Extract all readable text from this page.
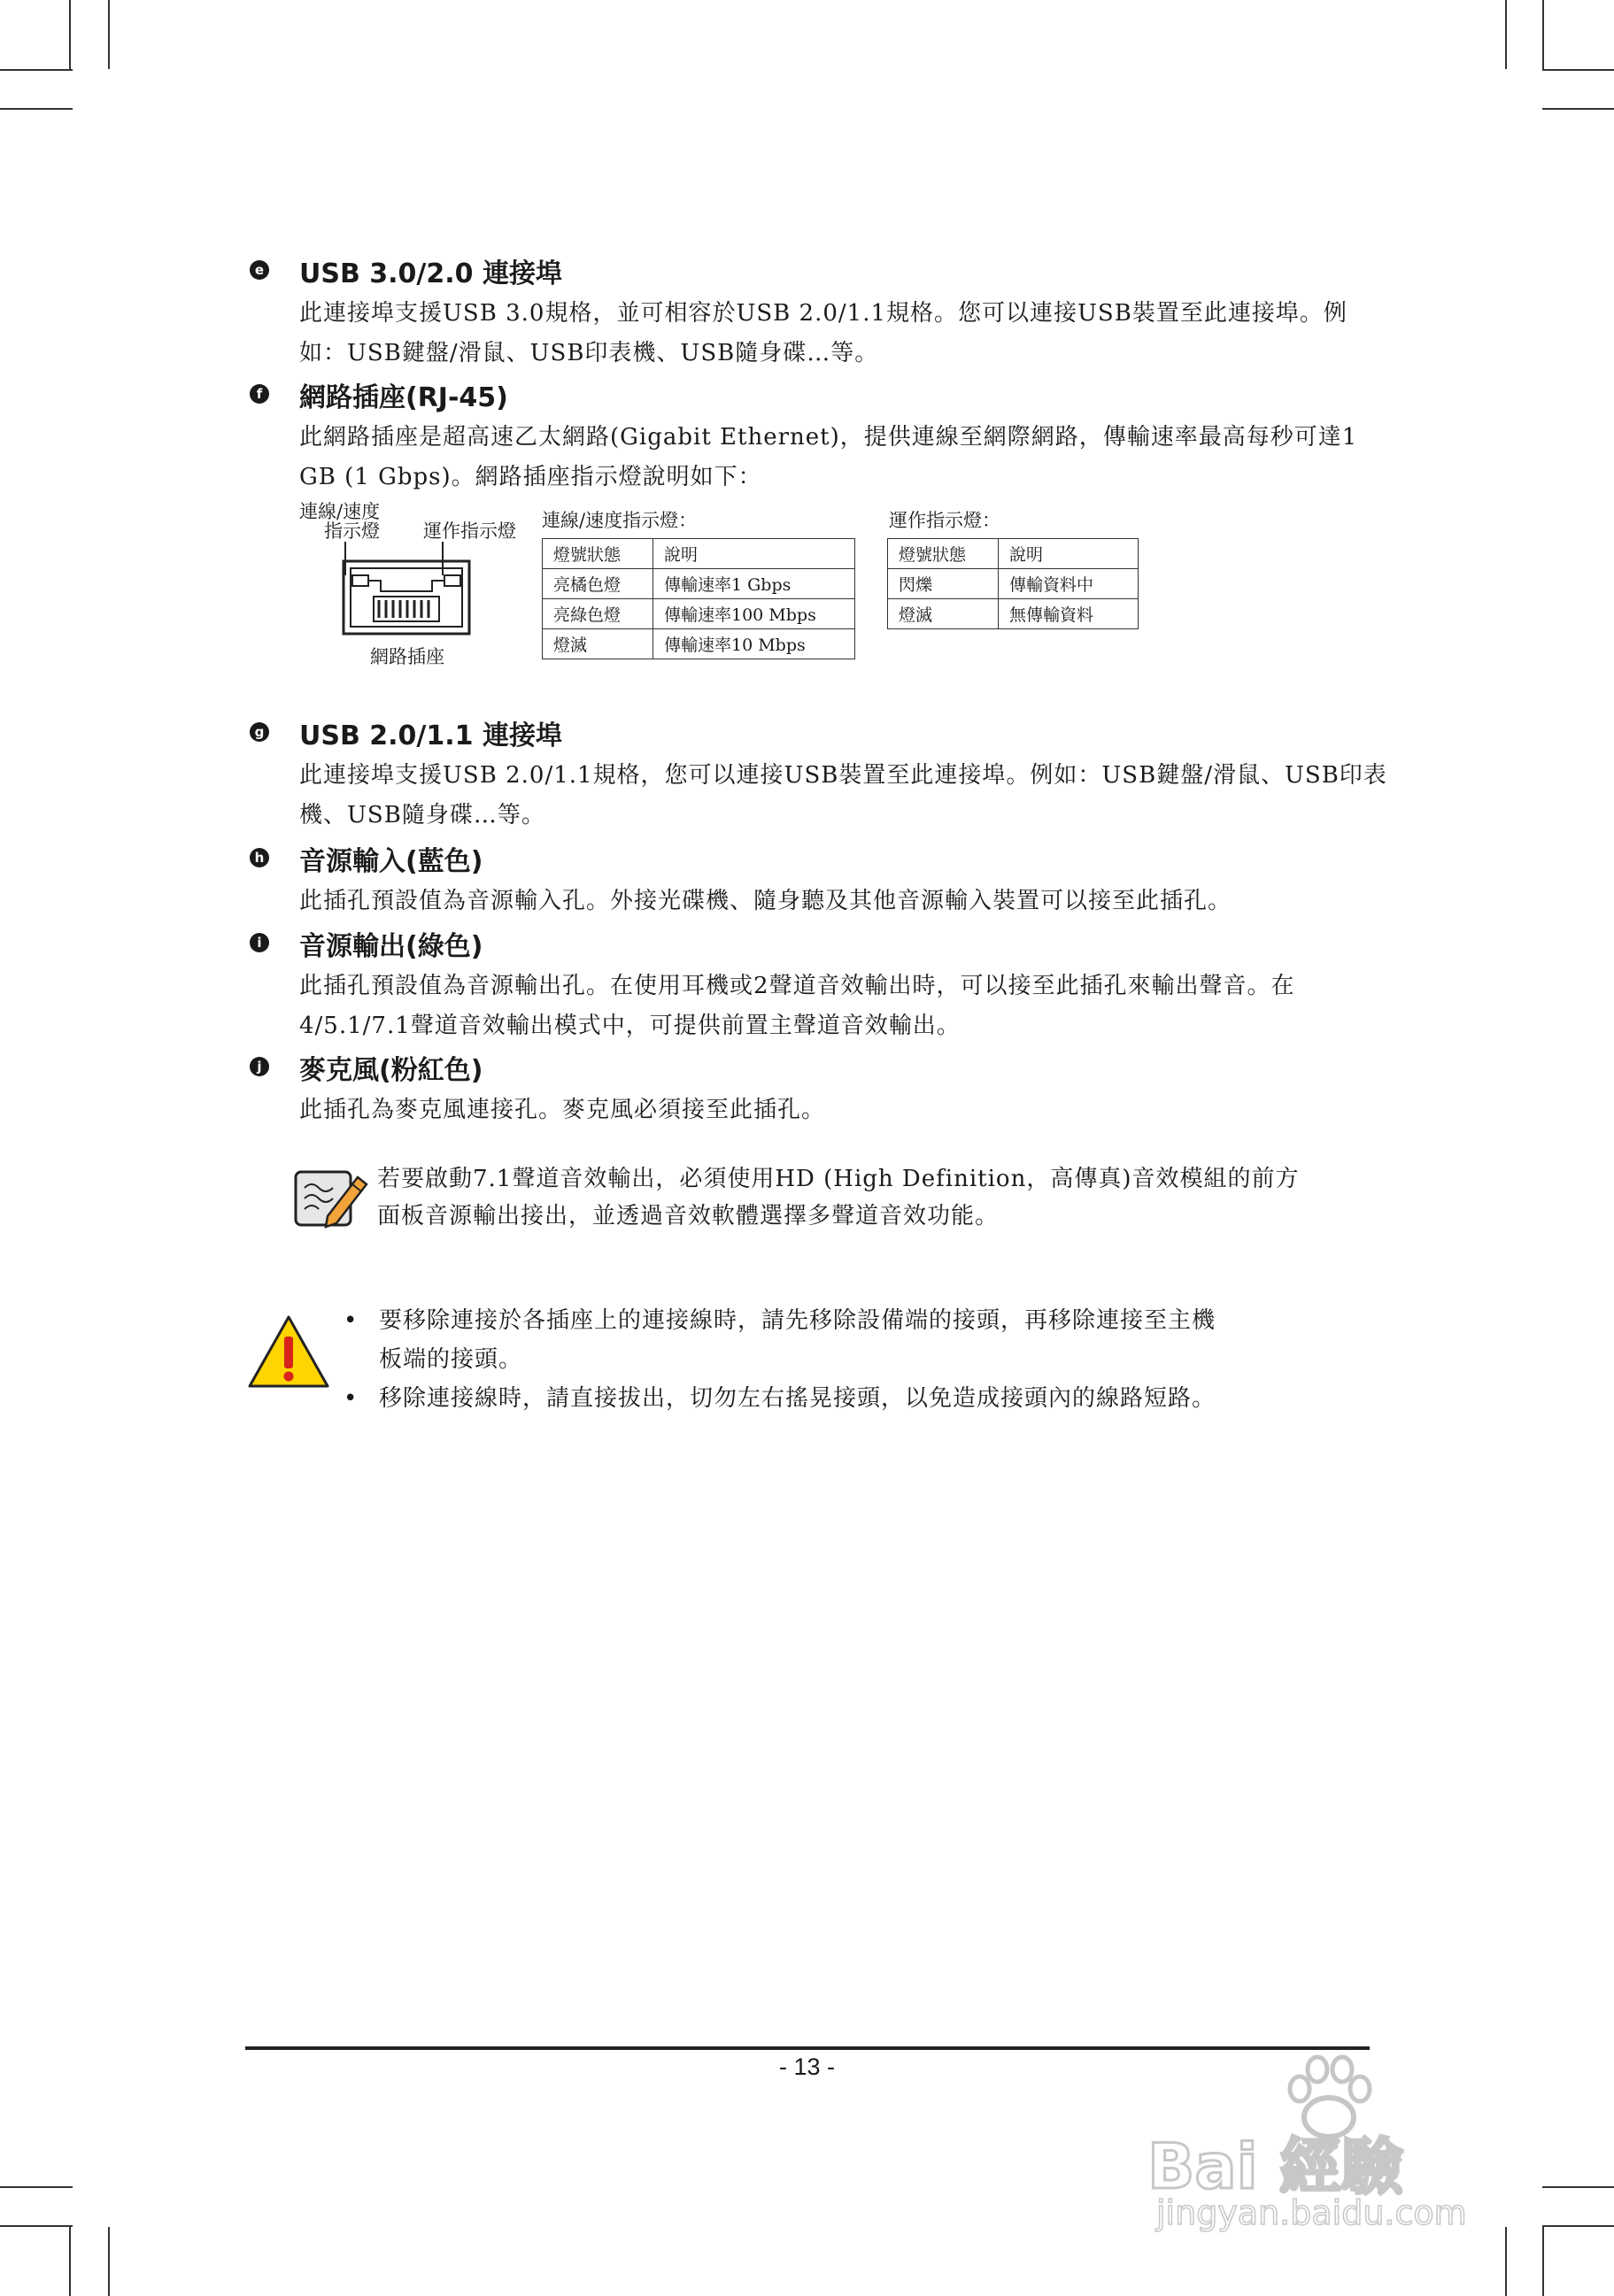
e USB 3.0/2.0 連接埠
此連接埠支援USB 3.0規格，並可相容於USB 2.0/1.1規格。您可以連接USB裝置至此連接埠。例如：USB鍵盤/滑鼠、USB印表機、USB隨身碟…等。
f 網路插座(RJ-45)
此網路插座是超高速乙太網路(Gigabit Ethernet)，提供連線至網際網路，傳輸速率最高每秒可達1 GB (1 Gbps)。網路插座指示燈說明如下：
連線/速度
指示燈 運作指示燈
網路插座
連線/速度指示燈：
燈號狀態	說明
亮橘色燈	傳輸速率1 Gbps
亮綠色燈	傳輸速率100 Mbps
燈滅	傳輸速率10 Mbps
運作指示燈：
燈號狀態	說明
閃爍	傳輸資料中
燈滅	無傳輸資料
g USB 2.0/1.1 連接埠
此連接埠支援USB 2.0/1.1規格，您可以連接USB裝置至此連接埠。例如：USB鍵盤/滑鼠、USB印表機、USB隨身碟…等。
h 音源輸入(藍色)
此插孔預設值為音源輸入孔。外接光碟機、隨身聽及其他音源輸入裝置可以接至此插孔。
i 音源輸出(綠色)
此插孔預設值為音源輸出孔。在使用耳機或2聲道音效輸出時，可以接至此插孔來輸出聲音。在4/5.1/7.1聲道音效輸出模式中，可提供前置主聲道音效輸出。
j 麥克風(粉紅色)
此插孔為麥克風連接孔。麥克風必須接至此插孔。
若要啟動7.1聲道音效輸出，必須使用HD (High Definition，高傳真)音效模組的前方
面板音源輸出接出，並透過音效軟體選擇多聲道音效功能。
• 要移除連接於各插座上的連接線時，請先移除設備端的接頭，再移除連接至主機
板端的接頭。
• 移除連接線時，請直接拔出，切勿左右搖晃接頭，以免造成接頭內的線路短路。
- 13 -
Bai 經驗
jingyan.baidu.com
